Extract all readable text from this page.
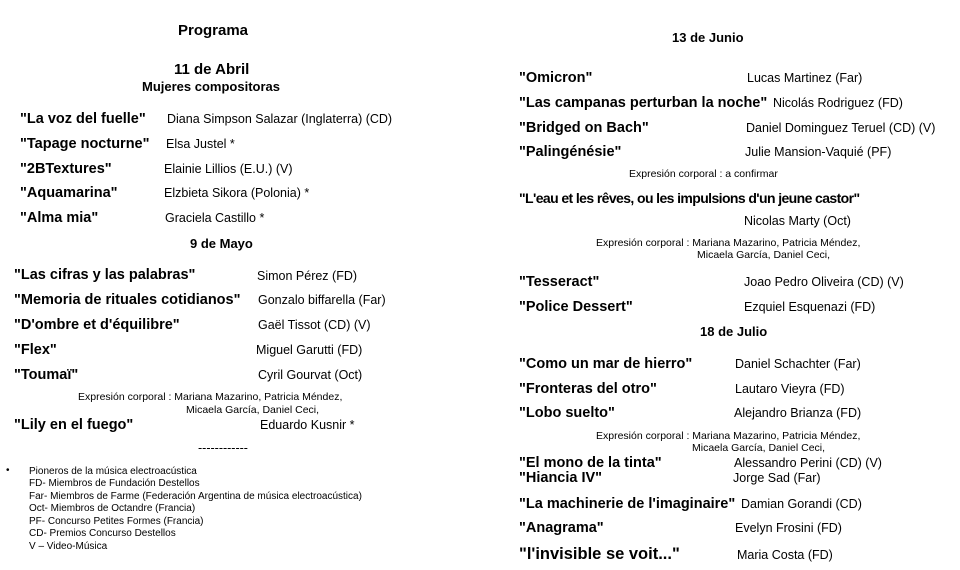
Programa
11 de Abril
Mujeres compositoras
"La voz del fuelle" Diana Simpson Salazar (Inglaterra) (CD)
"Tapage nocturne" Elsa Justel *
"2BTextures"	Elainie Lillios (E.U.) (V)
"Aquamarina"	Elzbieta Sikora (Polonia) *
"Alma mia"	Graciela Castillo *
9 de Mayo
"Las cifras y las palabras"	Simon Pérez (FD)
"Memoria de rituales cotidianos" Gonzalo biffarella (Far)
"D'ombre et d'équilibre"	Gaël Tissot (CD) (V)
"Flex"	Miguel Garutti (FD)
"Toumaï"	Cyril Gourvat (Oct)
Expresión corporal : Mariana Mazarino, Patricia Méndez,
Micaela García, Daniel Ceci,
"Lily en el fuego"	Eduardo Kusnir *
------------
• Pioneros de la música electroacústica
FD- Miembros de Fundación Destellos
Far- Miembros de Farme (Federación Argentina de música electroacústica)
Oct- Miembros de Octandre (Francia)
PF- Concurso Petites Formes (Francia)
CD- Premios Concurso Destellos
V – Video-Música
13 de Junio
"Omicron"	Lucas Martinez (Far)
"Las campanas perturban la noche" Nicolás Rodriguez (FD)
"Bridged on Bach"	Daniel Dominguez Teruel (CD) (V)
"Palingénésie"	Julie Mansion-Vaquié (PF)
Expresión corporal : a confirmar
"L'eau et les rêves, ou les impulsions d'un jeune castor"
Nicolas Marty (Oct)
Expresión corporal : Mariana Mazarino, Patricia Méndez,
Micaela García, Daniel Ceci,
"Tesseract"	Joao Pedro Oliveira (CD) (V)
"Police Dessert"	Ezquiel Esquenazi (FD)
18 de Julio
"Como un mar de hierro"	Daniel Schachter (Far)
"Fronteras del otro"	Lautaro Vieyra (FD)
"Lobo suelto"	Alejandro Brianza (FD)
Expresión corporal : Mariana Mazarino, Patricia Méndez,
Micaela García, Daniel Ceci,
"El mono de la tinta"	Alessandro Perini (CD) (V)
"Hiancia IV"	Jorge Sad (Far)
"La machinerie de l'imaginaire" Damian Gorandi (CD)
"Anagrama"	Evelyn Frosini (FD)
"l'invisible se voit..."	Maria Costa (FD)
